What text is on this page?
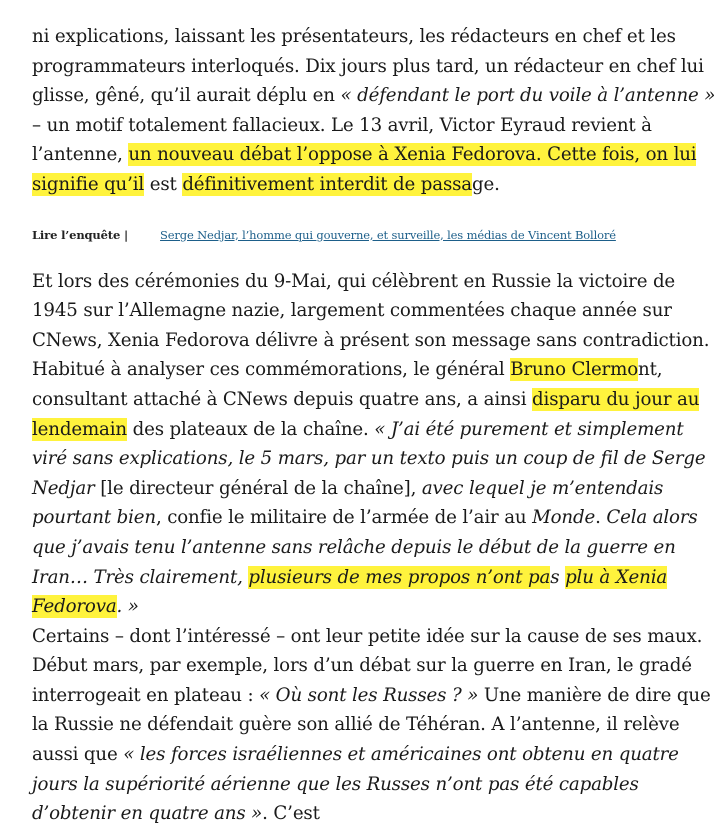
ni explications, laissant les présentateurs, les rédacteurs en chef et les programmateurs interloqués. Dix jours plus tard, un rédacteur en chef lui glisse, gêné, qu’il aurait déplu en « défendant le port du voile à l’antenne » – un motif totalement fallacieux. Le 13 avril, Victor Eyraud revient à l’antenne, un nouveau débat l’oppose à Xenia Fedorova. Cette fois, on lui signifie qu’il est définitivement interdit de passage.

Lire l’enquête |	Serge Nedjar, l’homme qui gouverne, et surveille, les médias de Vincent Bolloré

Et lors des cérémonies du 9-Mai, qui célèbrent en Russie la victoire de 1945 sur l’Allemagne nazie, largement commentées chaque année sur CNews, Xenia Fedorova délivre à présent son message sans contradiction. Habitué à analyser ces commémorations, le général Bruno Clermont, consultant attaché à CNews depuis quatre ans, a ainsi disparu du jour au lendemain des plateaux de la chaîne. « J’ai été purement et simplement viré sans explications, le 5 mars, par un texto puis un coup de fil de Serge Nedjar [le directeur général de la chaîne], avec lequel je m’entendais pourtant bien, confie le militaire de l’armée de l’air au Monde. Cela alors que j’avais tenu l’antenne sans relâche depuis le début de la guerre en Iran… Très clairement, plusieurs de mes propos n’ont pas plu à Xenia Fedorova. »

Certains – dont l’intéressé – ont leur petite idée sur la cause de ses maux. Début mars, par exemple, lors d’un débat sur la guerre en Iran, le gradé interrogeait en plateau : « Où sont les Russes ? » Une manière de dire que la Russie ne défendait guère son allié de Téhéran. A l’antenne, il relève aussi que « les forces israéliennes et américaines ont obtenu en quatre jours la supériorité aérienne que les Russes n’ont pas été capables d’obtenir en quatre ans ». C’est
